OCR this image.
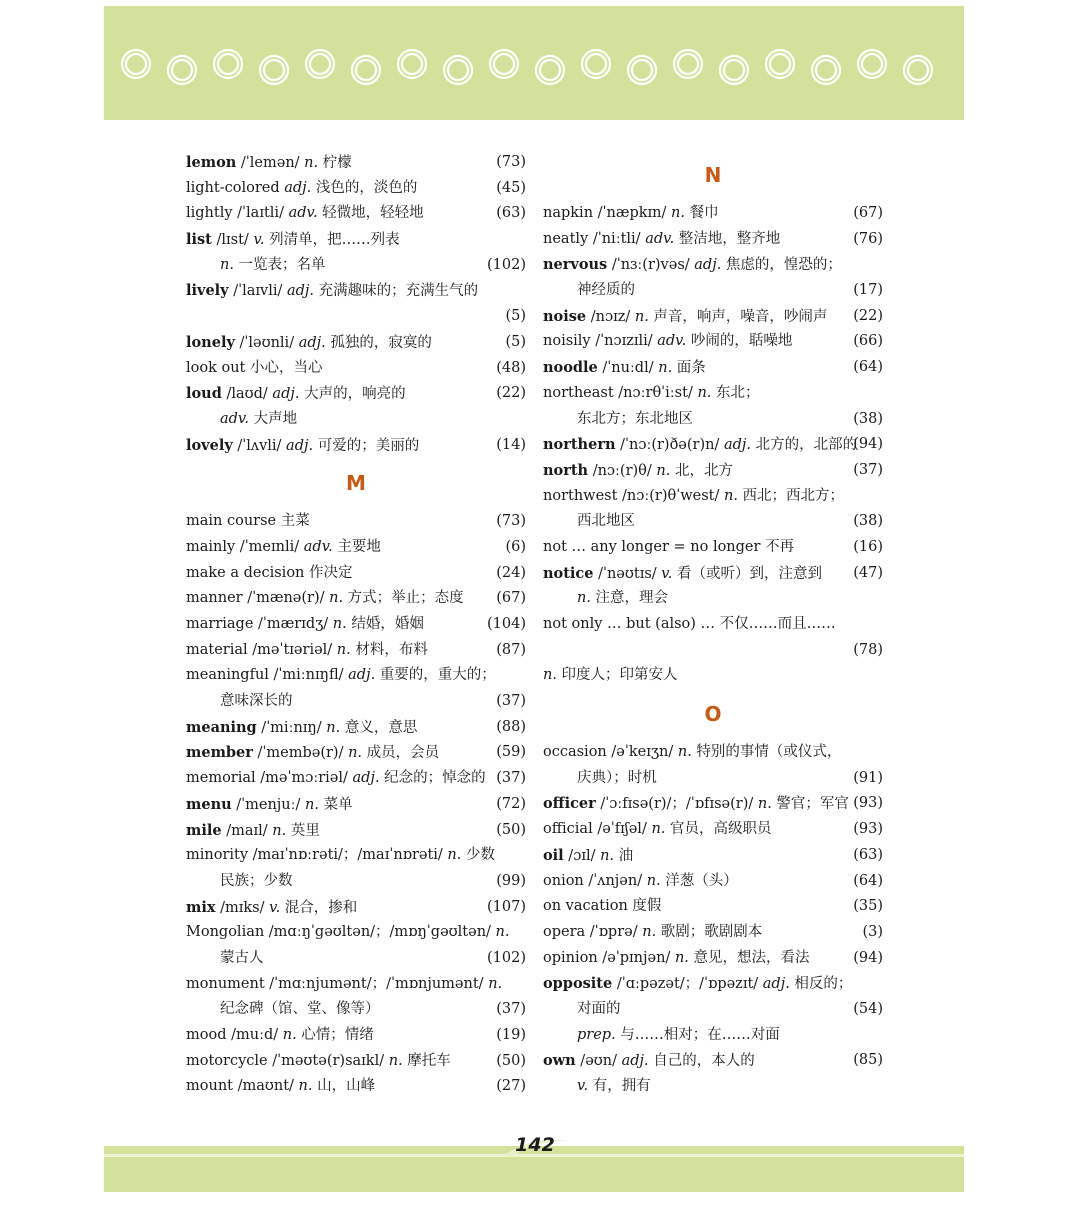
lemon /ˈlemən/ n. 柠檬	(73)
light-colored adj. 浅色的，淡色的	(45)
lightly /ˈlaɪtli/ adv. 轻微地，轻轻地	(63)
list /lɪst/ v. 列清单，把……列表
n. 一览表；名单	(102)
lively /ˈlaɪvli/ adj. 充满趣味的；充满生气的
(5)
lonely /ˈləʊnli/ adj. 孤独的，寂寞的	(5)
look out 小心，当心	(48)
loud /laʊd/ adj. 大声的，响亮的	(22)
adv. 大声地
lovely /ˈlʌvli/ adj. 可爱的；美丽的	(14)
M
main course 主菜	(73)
mainly /ˈmeɪnli/ adv. 主要地	(6)
make a decision 作决定	(24)
manner /ˈmænə(r)/ n. 方式；举止；态度 (67)
marriage /ˈmærɪdʒ/ n. 结婚，婚姻	(104)
material /məˈtɪəriəl/ n. 材料，布料	(87)
meaningful /ˈmiːnɪŋfl/ adj. 重要的，重大的；
意味深长的	(37)
meaning /ˈmiːnɪŋ/ n. 意义，意思	(88)
member /ˈmembə(r)/ n. 成员，会员	(59)
memorial /məˈmɔːriəl/ adj. 纪念的；悼念的 (37)
menu /ˈmenjuː/ n. 菜单	(72)
mile /maɪl/ n. 英里	(50)
minority /maɪˈnɒːrəti/；/maɪˈnɒrəti/ n. 少数
民族；少数	(99)
mix /mɪks/ v. 混合，掺和	(107)
Mongolian /mɑːŋˈgəʊltən/；/mɒŋˈgəʊltən/ n.
蒙古人	(102)
monument /ˈmɑːnjumənt/；/ˈmɒnjumənt/ n.
纪念碑（馆、堂、像等）	(37)
mood /muːd/ n. 心情；情绪	(19)
motorcycle /ˈməʊtə(r)saɪkl/ n. 摩托车	(50)
mount /maʊnt/ n. 山，山峰	(27)
N
napkin /ˈnæpkɪn/ n. 餐巾	(67)
neatly /ˈniːtli/ adv. 整洁地，整齐地	(76)
nervous /ˈnɜː(r)vəs/ adj. 焦虑的，惶恐的；
神经质的	(17)
noise /nɔɪz/ n. 声音，响声，噪音，吵闹声 (22)
noisily /ˈnɔɪzɪli/ adv. 吵闹的，聒噪地	(66)
noodle /ˈnuːdl/ n. 面条	(64)
northeast /nɔːrθˈiːst/ n. 东北；
东北方；东北地区	(38)
northern /ˈnɔː(r)ðə(r)n/ adj. 北方的，北部的
(94)
north /nɔː(r)θ/ n. 北，北方	(37)
northwest /nɔː(r)θˈwest/ n. 西北；西北方；
西北地区	(38)
not … any longer = no longer 不再	(16)
notice /ˈnəʊtɪs/ v. 看（或听）到，注意到 (47)
n. 注意，理会
not only … but (also) … 不仅……而且……
(78)
n. 印度人；印第安人
O
occasion /əˈkeɪʒn/ n. 特别的事情（或仪式，
庆典）；时机	(91)
officer /ˈɔːfɪsə(r)/；/ˈɒfɪsə(r)/ n. 警官；军官 (93)
official /əˈfɪʃəl/ n. 官员，高级职员	(93)
oil /ɔɪl/ n. 油	(63)
onion /ˈʌnjən/ n. 洋葱（头）	(64)
on vacation 度假	(35)
opera /ˈɒprə/ n. 歌剧；歌剧剧本	(3)
opinion /əˈpɪnjən/ n. 意见，想法，看法	(94)
opposite /ˈɑːpəzət/；/ˈɒpəzɪt/ adj. 相反的；
对面的	(54)
prep. 与……相对；在……对面
own /əʊn/ adj. 自己的，本人的	(85)
v. 有，拥有
142
